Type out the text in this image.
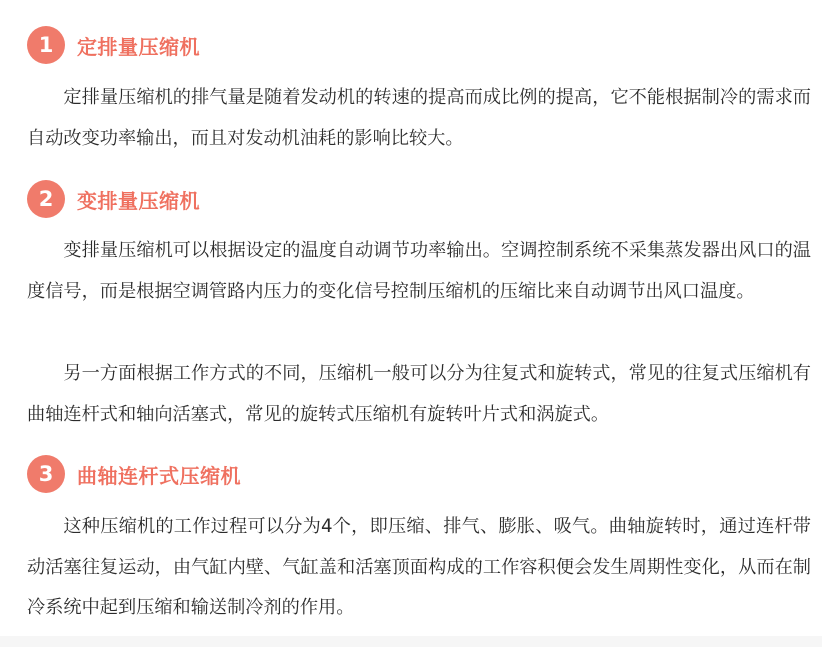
1	定排量压缩机

定排量压缩机的排气量是随着发动机的转速的提高而成比例的提高，它不能根据制冷的需求而自动改变功率输出，而且对发动机油耗的影响比较大。

2	变排量压缩机

变排量压缩机可以根据设定的温度自动调节功率输出。空调控制系统不采集蒸发器出风口的温度信号，而是根据空调管路内压力的变化信号控制压缩机的压缩比来自动调节出风口温度。

另一方面根据工作方式的不同，压缩机一般可以分为往复式和旋转式，常见的往复式压缩机有曲轴连杆式和轴向活塞式，常见的旋转式压缩机有旋转叶片式和涡旋式。

3	曲轴连杆式压缩机

这种压缩机的工作过程可以分为4个，即压缩、排气、膨胀、吸气。曲轴旋转时，通过连杆带动活塞往复运动，由气缸内壁、气缸盖和活塞顶面构成的工作容积便会发生周期性变化，从而在制冷系统中起到压缩和输送制冷剂的作用。
